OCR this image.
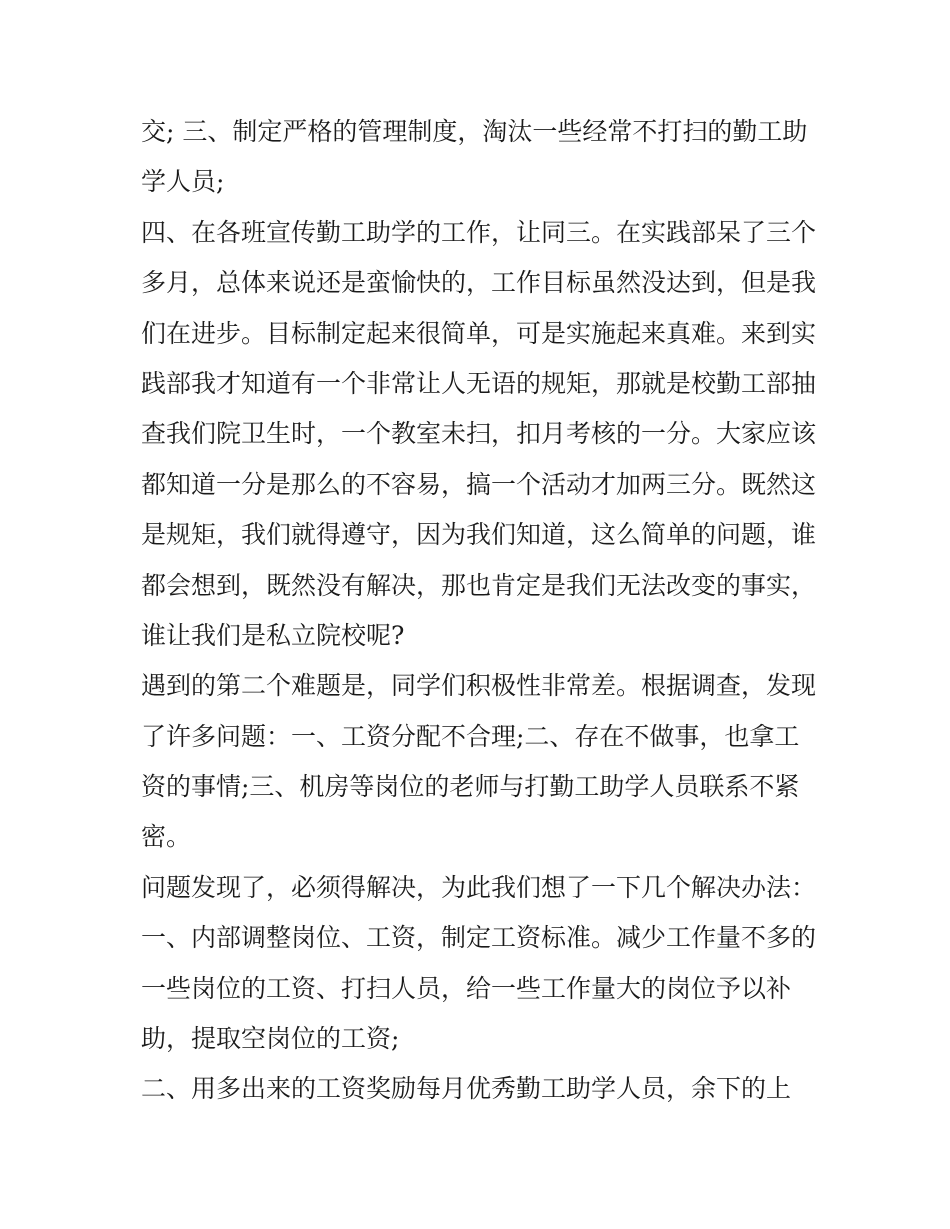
交; 三、制定严格的管理制度，淘汰一些经常不打扫的勤工助
学人员;
四、在各班宣传勤工助学的工作，让同三。在实践部呆了三个
多月，总体来说还是蛮愉快的，工作目标虽然没达到，但是我
们在进步。目标制定起来很简单，可是实施起来真难。来到实
践部我才知道有一个非常让人无语的规矩，那就是校勤工部抽
查我们院卫生时，一个教室未扫，扣月考核的一分。大家应该
都知道一分是那么的不容易，搞一个活动才加两三分。既然这
是规矩，我们就得遵守，因为我们知道，这么简单的问题，谁
都会想到，既然没有解决，那也肯定是我们无法改变的事实，
谁让我们是私立院校呢?
遇到的第二个难题是，同学们积极性非常差。根据调查，发现
了许多问题：一、工资分配不合理;二、存在不做事，也拿工
资的事情;三、机房等岗位的老师与打勤工助学人员联系不紧
密。
问题发现了，必须得解决，为此我们想了一下几个解决办法：
一、内部调整岗位、工资，制定工资标准。减少工作量不多的
一些岗位的工资、打扫人员，给一些工作量大的岗位予以补
助，提取空岗位的工资;
二、用多出来的工资奖励每月优秀勤工助学人员，余下的上
